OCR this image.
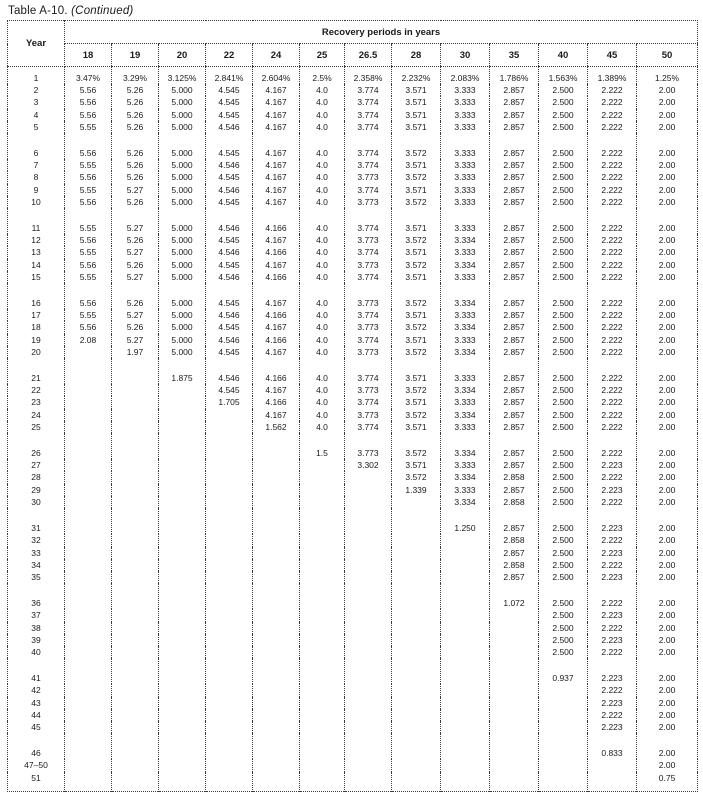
Table A-10. (Continued)
Year	Recovery periods in years												
	18	19	20	22	24	25	26.5	28	30	35	40	45	50
1	3.47%	3.29%	3.125%	2.841%	2.604%	2.5%	2.358%	2.232%	2.083%	1.786%	1.563%	1.389%	1.25%
2	5.56	5.26	5.000	4.545	4.167	4.0	3.774	3.571	3.333	2.857	2.500	2.222	2.00
3	5.56	5.26	5.000	4.545	4.167	4.0	3.774	3.571	3.333	2.857	2.500	2.222	2.00
4	5.56	5.26	5.000	4.545	4.167	4.0	3.774	3.571	3.333	2.857	2.500	2.222	2.00
5	5.55	5.26	5.000	4.546	4.167	4.0	3.774	3.571	3.333	2.857	2.500	2.222	2.00
6	5.56	5.26	5.000	4.545	4.167	4.0	3.774	3.572	3.333	2.857	2.500	2.222	2.00
7	5.55	5.26	5.000	4.546	4.167	4.0	3.774	3.571	3.333	2.857	2.500	2.222	2.00
8	5.56	5.26	5.000	4.545	4.167	4.0	3.773	3.572	3.333	2.857	2.500	2.222	2.00
9	5.55	5.27	5.000	4.546	4.167	4.0	3.774	3.571	3.333	2.857	2.500	2.222	2.00
10	5.56	5.26	5.000	4.545	4.167	4.0	3.773	3.572	3.333	2.857	2.500	2.222	2.00
11	5.55	5.27	5.000	4.546	4.166	4.0	3.774	3.571	3.333	2.857	2.500	2.222	2.00
12	5.56	5.26	5.000	4.545	4.167	4.0	3.773	3.572	3.334	2.857	2.500	2.222	2.00
13	5.55	5.27	5.000	4.546	4.166	4.0	3.774	3.571	3.333	2.857	2.500	2.222	2.00
14	5.56	5.26	5.000	4.545	4.167	4.0	3.773	3.572	3.334	2.857	2.500	2.222	2.00
15	5.55	5.27	5.000	4.546	4.166	4.0	3.774	3.571	3.333	2.857	2.500	2.222	2.00
16	5.56	5.26	5.000	4.545	4.167	4.0	3.773	3.572	3.334	2.857	2.500	2.222	2.00
17	5.55	5.27	5.000	4.546	4.166	4.0	3.774	3.571	3.333	2.857	2.500	2.222	2.00
18	5.56	5.26	5.000	4.545	4.167	4.0	3.773	3.572	3.334	2.857	2.500	2.222	2.00
19	2.08	5.27	5.000	4.546	4.166	4.0	3.774	3.571	3.333	2.857	2.500	2.222	2.00
20		1.97	5.000	4.545	4.167	4.0	3.773	3.572	3.334	2.857	2.500	2.222	2.00
21			1.875	4.546	4.166	4.0	3.774	3.571	3.333	2.857	2.500	2.222	2.00
22				4.545	4.167	4.0	3.773	3.572	3.334	2.857	2.500	2.222	2.00
23				1.705	4.166	4.0	3.774	3.571	3.333	2.857	2.500	2.222	2.00
24					4.167	4.0	3.773	3.572	3.334	2.857	2.500	2.222	2.00
25					1.562	4.0	3.774	3.571	3.333	2.857	2.500	2.222	2.00
26						1.5	3.773	3.572	3.334	2.857	2.500	2.222	2.00
27							3.302	3.571	3.333	2.857	2.500	2.223	2.00
28								3.572	3.334	2.858	2.500	2.222	2.00
29								1.339	3.333	2.857	2.500	2.223	2.00
30									3.334	2.858	2.500	2.222	2.00
31									1.250	2.857	2.500	2.223	2.00
32										2.858	2.500	2.222	2.00
33										2.857	2.500	2.223	2.00
34										2.858	2.500	2.222	2.00
35										2.857	2.500	2.223	2.00
36										1.072	2.500	2.222	2.00
37											2.500	2.223	2.00
38											2.500	2.222	2.00
39											2.500	2.223	2.00
40											2.500	2.222	2.00
41											0.937	2.223	2.00
42												2.222	2.00
43												2.223	2.00
44												2.222	2.00
45												2.223	2.00
46												0.833	2.00
47–50													2.00
51													0.75
